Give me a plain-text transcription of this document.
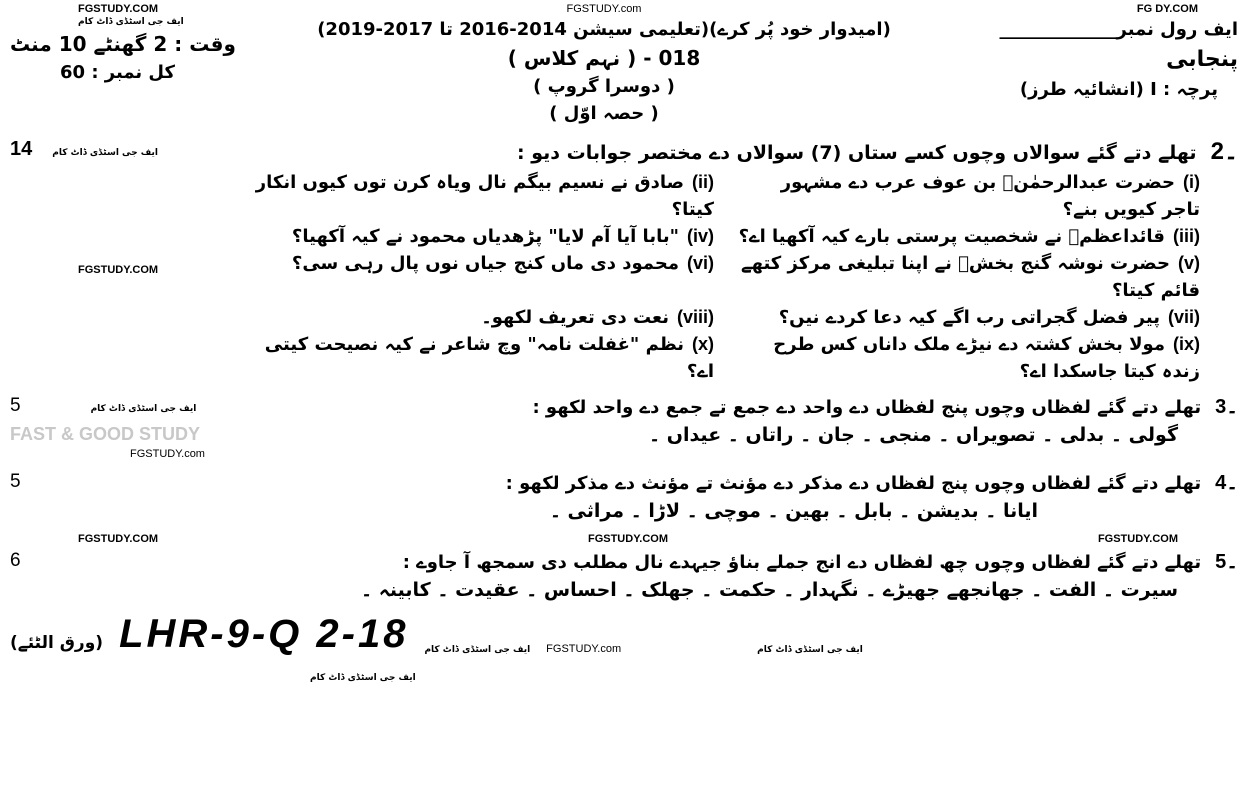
FGSTUDY.COM
ایف جی اسٹڈی ڈاٹ کام
وقت : 2 گھنٹے 10 منٹ
کل نمبر : 60
FGSTUDY.com
(امیدوار خود پُر کرے)(تعلیمی سیشن 2014-2016 تا 2017-2019)
018 - ( نہم کلاس )
( دوسرا گروپ )
( حصہ اوّل )
FG DY.COM
ایف رول نمبر_____________
پنجابی
پرچہ : I (انشائیہ طرز)
14 ایف جی اسٹڈی ڈاٹ کام
FGSTUDY.COM
2۔
تھلے دتے گئے سوالاں وچوں کسے ستاں (7) سوالاں دے مختصر جوابات دیو :
(i)حضرت عبدالرحمٰنؓ بن عوف عرب دے مشہور تاجر کیویں بنے؟
(ii)صادق نے نسیم بیگم نال ویاہ کرن توں کیوں انکار کیتا؟
(iii)قائداعظمؒ نے شخصیت پرستی بارے کیہ آکھیا اے؟
(iv)"بابا آیا آم لایا" پڑھدیاں محمود نے کیہ آکھیا؟
(v)حضرت نوشہ گنج بخشؒ نے اپنا تبلیغی مرکز کتھے قائم کیتا؟
(vi)محمود دی ماں کنج جیاں نوں پال رہی سی؟
(vii)پیر فضل گجراتی رب اگے کیہ دعا کردے نیں؟
(viii)نعت دی تعریف لکھو۔
(ix)مولا بخش کشتہ دے نیڑے ملک داناں کس طرح زندہ کیتا جاسکدا اے؟
(x)نظم "غفلت نامہ" وچ شاعر نے کیہ نصیحت کیتی اے؟
5	ایف جی اسٹڈی ڈاٹ کام
FAST & GOOD STUDY
FGSTUDY.com
3۔
تھلے دتے گئے لفظاں وچوں پنج لفظاں دے واحد دے جمع تے جمع دے واحد لکھو :
گولی ۔ بدلی ۔ تصویراں ۔ منجی ۔ جان ۔ راتاں ۔ عیداں ۔
5	4۔
تھلے دتے گئے لفظاں وچوں پنج لفظاں دے مذکر دے مؤنث تے مؤنث دے مذکر لکھو :
ایانا ۔ بدیشن ۔ بابل ۔ بھین ۔ موچی ۔ لاڑا ۔ مراثی ۔
FGSTUDY.COM	FGSTUDY.COM	FGSTUDY.COM
6	5۔
تھلے دتے گئے لفظاں وچوں چھ لفظاں دے انج جملے بناؤ جیہدے نال مطلب دی سمجھ آ جاوے :
سیرت ۔ الفت ۔ جھانجھے جھیڑے ۔ نگہدار ۔ حکمت ۔ جھلک ۔ احساس ۔ عقیدت ۔ کابینہ ۔
(ورق الٹئے) LHR-9-Q 2-18 ایف جی اسٹڈی ڈاٹ کام FGSTUDY.com	ایف جی اسٹڈی ڈاٹ کام
ایف جی اسٹڈی ڈاٹ کام
